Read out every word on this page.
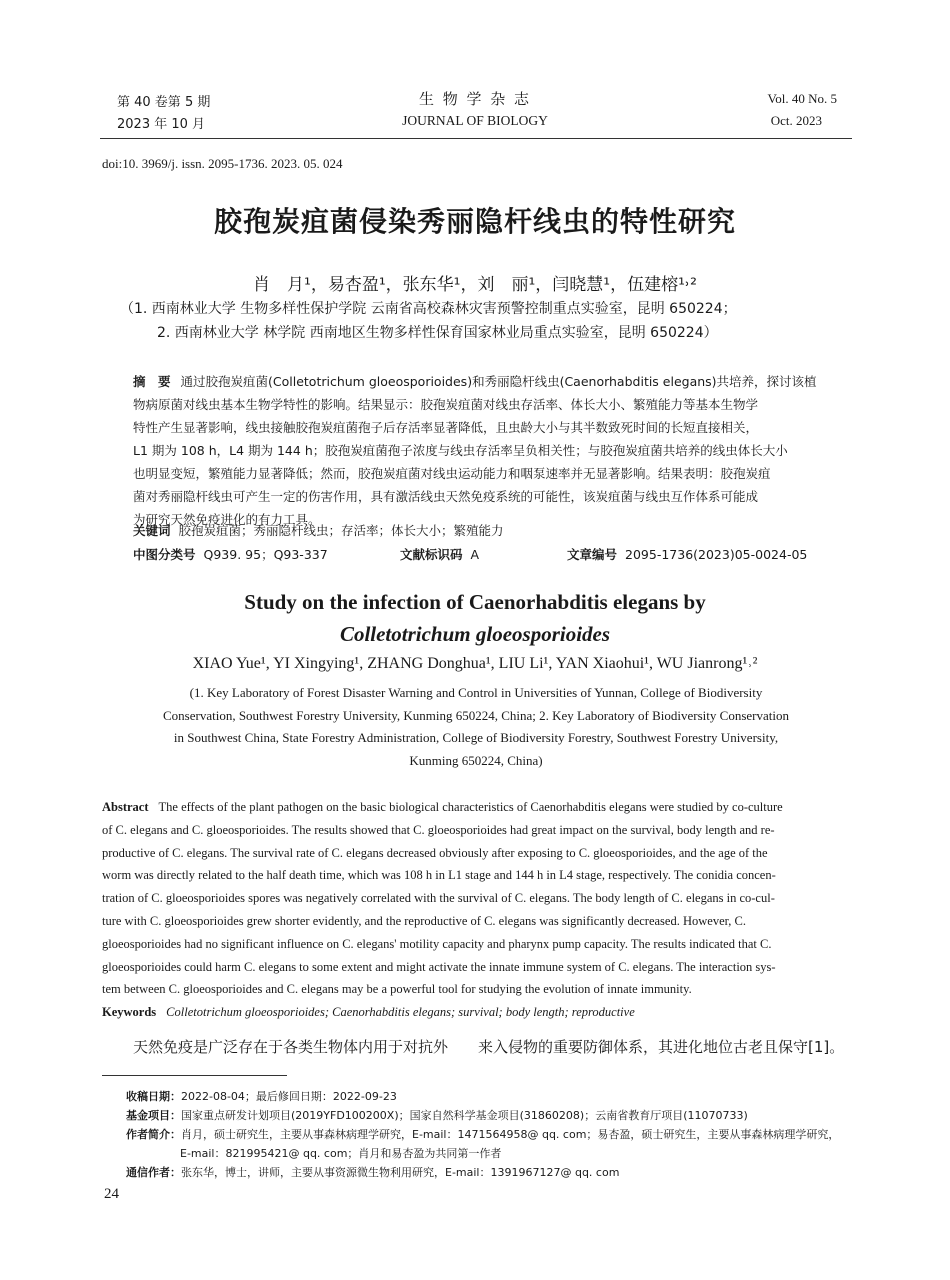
第 40 卷第 5 期
2023 年 10 月
生 物 学 杂 志
JOURNAL OF BIOLOGY
Vol. 40 No. 5
Oct. 2023
doi:10. 3969/j. issn. 2095-1736. 2023. 05. 024
胶孢炭疽菌侵染秀丽隐杆线虫的特性研究
肖　月¹，易杏盈¹，张东华¹，刘　丽¹，闫晓慧¹，伍建榕¹˒²
（1. 西南林业大学 生物多样性保护学院 云南省高校森林灾害预警控制重点实验室，昆明 650224；
2. 西南林业大学 林学院 西南地区生物多样性保育国家林业局重点实验室，昆明 650224）
摘　要 通过胶孢炭疽菌(Colletotrichum gloeosporioides)和秀丽隐杆线虫(Caenorhabditis elegans)共培养，探讨该植
物病原菌对线虫基本生物学特性的影响。结果显示：胶孢炭疽菌对线虫存活率、体长大小、繁殖能力等基本生物学
特性产生显著影响，线虫接触胶孢炭疽菌孢子后存活率显著降低，且虫龄大小与其半数致死时间的长短直接相关，
L1 期为 108 h，L4 期为 144 h；胶孢炭疽菌孢子浓度与线虫存活率呈负相关性；与胶孢炭疽菌共培养的线虫体长大小
也明显变短，繁殖能力显著降低；然而，胶孢炭疽菌对线虫运动能力和咽泵速率并无显著影响。结果表明：胶孢炭疽
菌对秀丽隐杆线虫可产生一定的伤害作用，具有激活线虫天然免疫系统的可能性，该炭疽菌与线虫互作体系可能成
为研究天然免疫进化的有力工具。
关键词 胶孢炭疽菌；秀丽隐杆线虫；存活率；体长大小；繁殖能力
中图分类号 Q939. 95；Q93-337	文献标识码 A	文章编号 2095-1736(2023)05-0024-05
Study on the infection of Caenorhabditis elegans by
Colletotrichum gloeosporioides
XIAO Yue¹, YI Xingying¹, ZHANG Donghua¹, LIU Li¹, YAN Xiaohui¹, WU Jianrong¹˒²
(1. Key Laboratory of Forest Disaster Warning and Control in Universities of Yunnan, College of Biodiversity
Conservation, Southwest Forestry University, Kunming 650224, China; 2. Key Laboratory of Biodiversity Conservation
in Southwest China, State Forestry Administration, College of Biodiversity Forestry, Southwest Forestry University,
Kunming 650224, China)
Abstract The effects of the plant pathogen on the basic biological characteristics of Caenorhabditis elegans were studied by co-culture
of C. elegans and C. gloeosporioides. The results showed that C. gloeosporioides had great impact on the survival, body length and re-
productive of C. elegans. The survival rate of C. elegans decreased obviously after exposing to C. gloeosporioides, and the age of the
worm was directly related to the half death time, which was 108 h in L1 stage and 144 h in L4 stage, respectively. The conidia concen-
tration of C. gloeosporioides spores was negatively correlated with the survival of C. elegans. The body length of C. elegans in co-cul-
ture with C. gloeosporioides grew shorter evidently, and the reproductive of C. elegans was significantly decreased. However, C.
gloeosporioides had no significant influence on C. elegans' motility capacity and pharynx pump capacity. The results indicated that C.
gloeosporioides could harm C. elegans to some extent and might activate the innate immune system of C. elegans. The interaction sys-
tem between C. gloeosporioides and C. elegans may be a powerful tool for studying the evolution of innate immunity.
Keywords Colletotrichum gloeosporioides; Caenorhabditis elegans; survival; body length; reproductive
天然免疫是广泛存在于各类生物体内用于对抗外　　来入侵物的重要防御体系，其进化地位古老且保守[1]。
收稿日期：2022-08-04；最后修回日期：2022-09-23
基金项目：国家重点研发计划项目(2019YFD100200X)；国家自然科学基金项目(31860208)；云南省教育厅项目(11070733)
作者简介：肖月，硕士研究生，主要从事森林病理学研究，E-mail：1471564958@ qq. com；易杏盈，硕士研究生，主要从事森林病理学研究，
E-mail：821995421@ qq. com；肖月和易杏盈为共同第一作者
通信作者：张东华，博士，讲师，主要从事资源微生物利用研究，E-mail：1391967127@ qq. com
24
